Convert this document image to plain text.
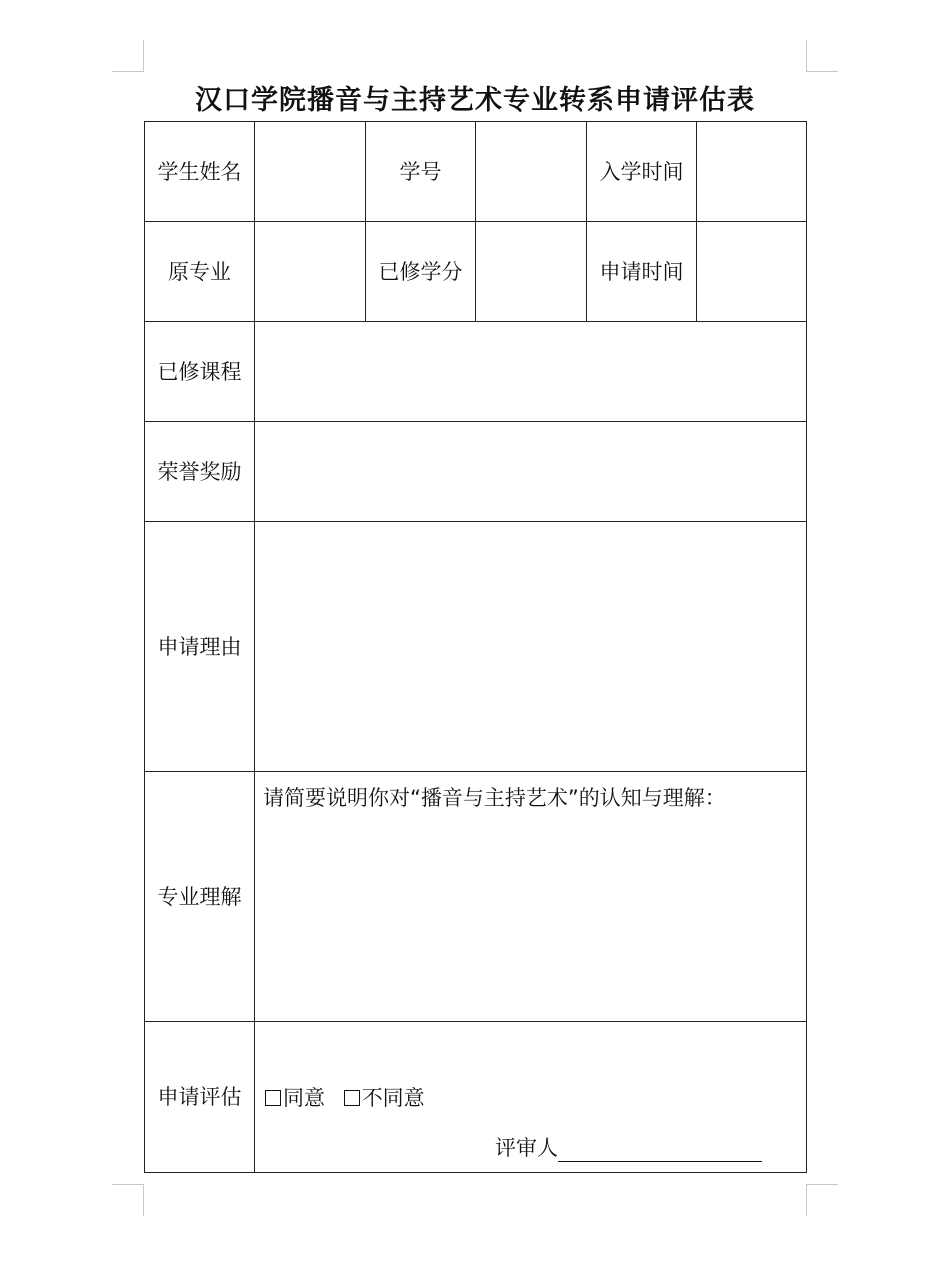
汉口学院播音与主持艺术专业转系申请评估表
学生姓名		学号		入学时间	
原专业		已修学分		申请时间	
已修课程					
荣誉奖励					
申请理由					
专业理解	请简要说明你对“播音与主持艺术”的认知与理解：				

申请评估	同意 不同意
评审人				
